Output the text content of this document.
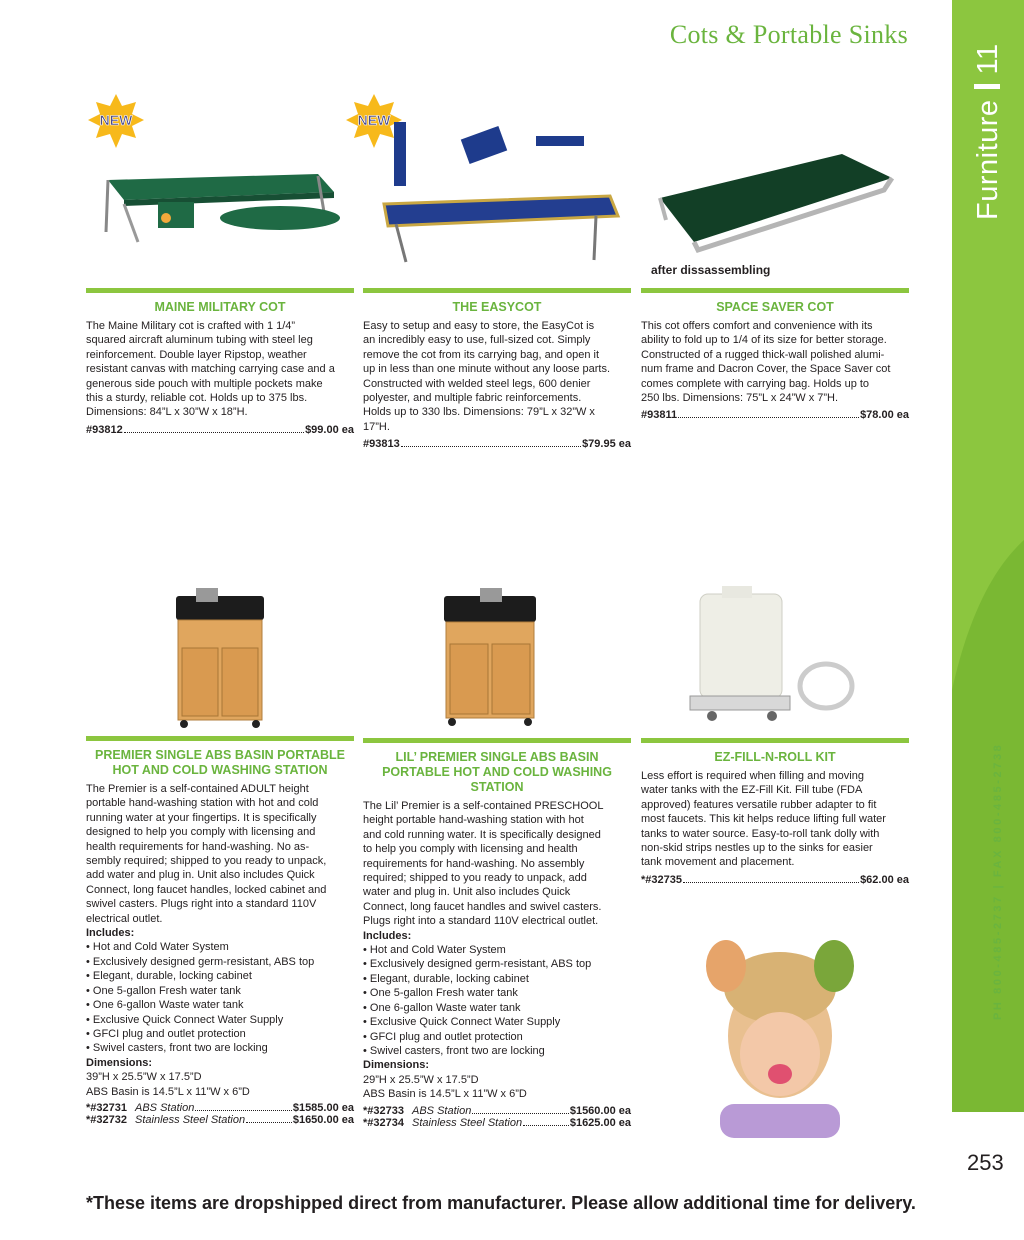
Furniture11
PH 800-485-2737 | FAX 800-485-2738
Cots & Portable Sinks
NEW	NEW
after dissassembling
MAINE MILITARY COT
The Maine Military cot is crafted with 1 1/4”
squared aircraft aluminum tubing with steel leg
reinforcement. Double layer Ripstop, weather
resistant canvas with matching carrying case and a
generous side pouch with multiple pockets make
this a sturdy, reliable cot. Holds up to 375 lbs.
Dimensions: 84”L x 30”W x 18”H.
#93812	$99.00 ea
THE EASYCOT
Easy to setup and easy to store, the EasyCot is
an incredibly easy to use, full-sized cot. Simply
remove the cot from its carrying bag, and open it
up in less than one minute without any loose parts.
Constructed with welded steel legs, 600 denier
polyester, and multiple fabric reinforcements.
Holds up to 330 lbs. Dimensions: 79”L x 32”W x
17”H.
#93813	$79.95 ea
SPACE SAVER COT
This cot offers comfort and convenience with its
ability to fold up to 1/4 of its size for better storage.
Constructed of a rugged thick-wall polished alumi-
num frame and Dacron Cover, the Space Saver cot
comes complete with carrying bag. Holds up to
250 lbs. Dimensions: 75”L x 24”W x 7”H.
#93811	$78.00 ea
PREMIER SINGLE ABS BASIN PORTABLE
HOT AND COLD WASHING STATION
The Premier is a self-contained ADULT height
portable hand-washing station with hot and cold
running water at your fingertips. It is specifically
designed to help you comply with licensing and
health requirements for hand-washing. No as-
sembly required; shipped to you ready to unpack,
add water and plug in. Unit also includes Quick
Connect, long faucet handles, locked cabinet and
swivel casters. Plugs right into a standard 110V
electrical outlet.
Includes:
• Hot and Cold Water System
• Exclusively designed germ-resistant, ABS top
• Elegant, durable, locking cabinet
• One 5-gallon Fresh water tank
• One 6-gallon Waste water tank
• Exclusive Quick Connect Water Supply
• GFCI plug and outlet protection
• Swivel casters, front two are locking
Dimensions:
39”H x 25.5”W x 17.5”D
ABS Basin is 14.5”L x 11”W x 6”D
*#32731 ABS Station	$1585.00 ea
*#32732 Stainless Steel Station	$1650.00 ea
LIL’ PREMIER SINGLE ABS BASIN
PORTABLE HOT AND COLD WASHING
STATION
The Lil’ Premier is a self-contained PRESCHOOL
height portable hand-washing station with hot
and cold running water. It is specifically designed
to help you comply with licensing and health
requirements for hand-washing. No assembly
required; shipped to you ready to unpack, add
water and plug in. Unit also includes Quick
Connect, long faucet handles and swivel casters.
Plugs right into a standard 110V electrical outlet.
Includes:
• Hot and Cold Water System
• Exclusively designed germ-resistant, ABS top
• Elegant, durable, locking cabinet
• One 5-gallon Fresh water tank
• One 6-gallon Waste water tank
• Exclusive Quick Connect Water Supply
• GFCI plug and outlet protection
• Swivel casters, front two are locking
Dimensions:
29”H x 25.5”W x 17.5”D
ABS Basin is 14.5”L x 11”W x 6”D
*#32733 ABS Station	$1560.00 ea
*#32734 Stainless Steel Station	$1625.00 ea
EZ-FILL-N-ROLL KIT
Less effort is required when filling and moving
water tanks with the EZ-Fill Kit. Fill tube (FDA
approved) features versatile rubber adapter to fit
most faucets. This kit helps reduce lifting full water
tanks to water source. Easy-to-roll tank dolly with
non-skid strips nestles up to the sinks for easier
tank movement and placement.
*#32735	$62.00 ea
253
*These items are dropshipped direct from manufacturer. Please allow additional time for delivery.
